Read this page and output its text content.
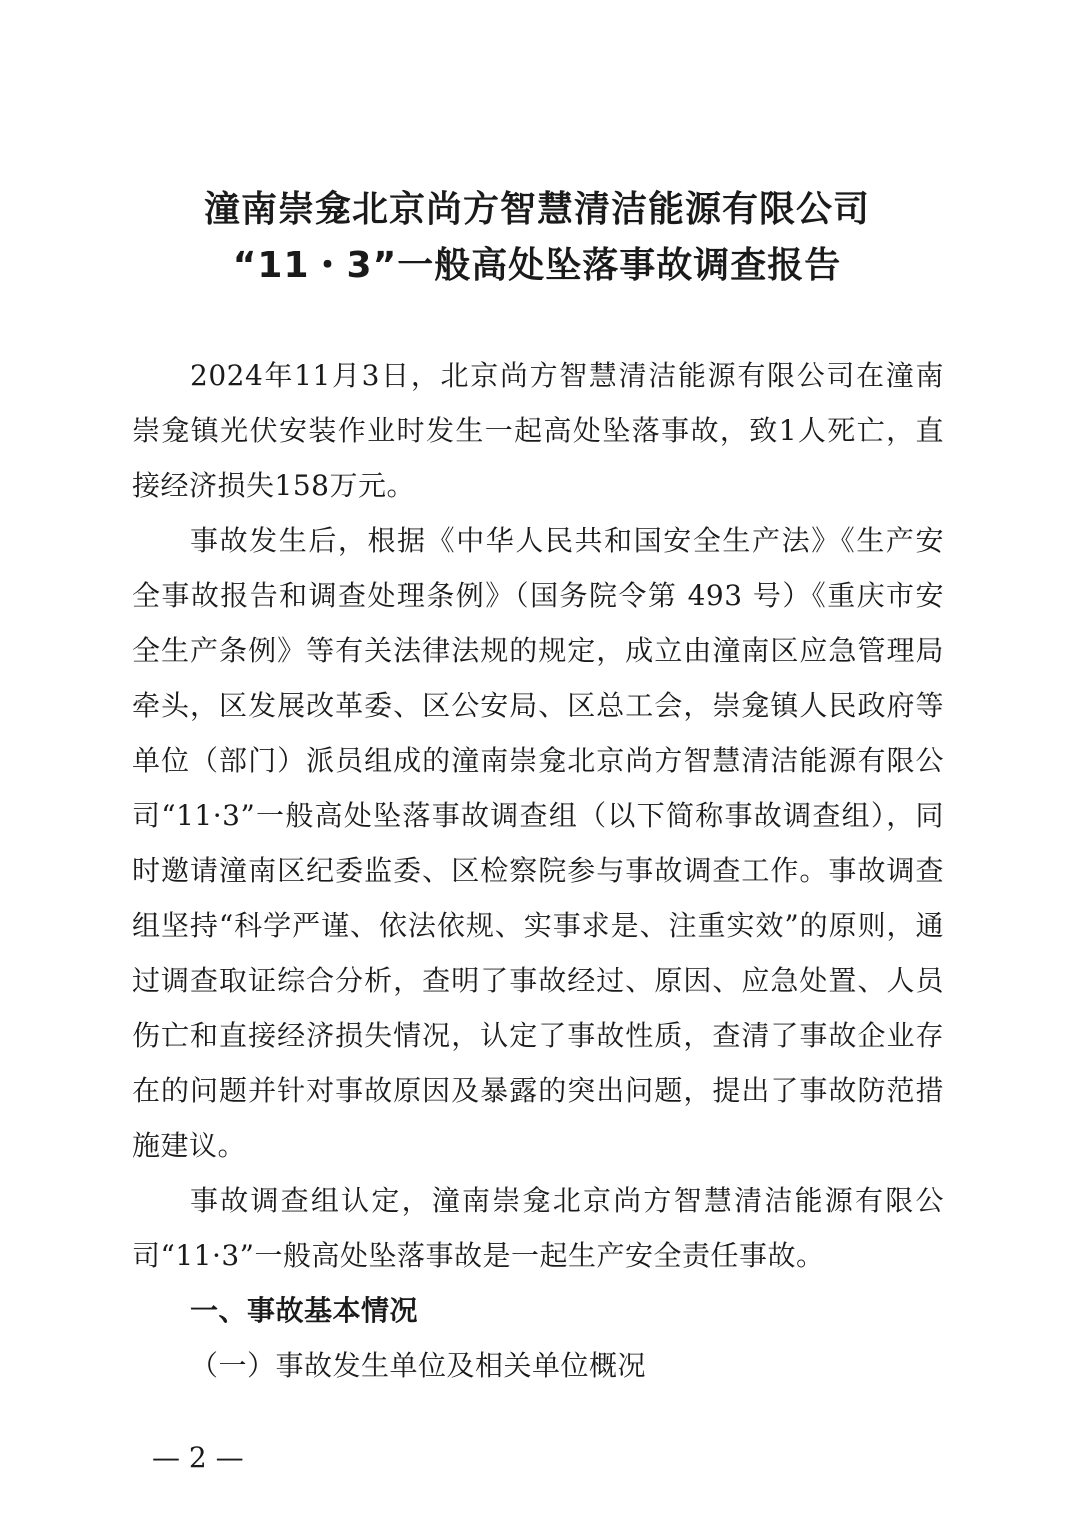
潼南崇龛北京尚方智慧清洁能源有限公司
“11・3”一般高处坠落事故调查报告

2024年11月3日，北京尚方智慧清洁能源有限公司在潼南崇龛镇光伏安装作业时发生一起高处坠落事故，致1人死亡，直接经济损失158万元。

事故发生后，根据《中华人民共和国安全生产法》《生产安全事故报告和调查处理条例》（国务院令第 493 号）《重庆市安全生产条例》等有关法律法规的规定，成立由潼南区应急管理局牵头，区发展改革委、区公安局、区总工会，崇龛镇人民政府等单位（部门）派员组成的潼南崇龛北京尚方智慧清洁能源有限公司“11·3”一般高处坠落事故调查组（以下简称事故调查组），同时邀请潼南区纪委监委、区检察院参与事故调查工作。事故调查组坚持“科学严谨、依法依规、实事求是、注重实效”的原则，通过调查取证综合分析，查明了事故经过、原因、应急处置、人员伤亡和直接经济损失情况，认定了事故性质，查清了事故企业存在的问题并针对事故原因及暴露的突出问题，提出了事故防范措施建议。

事故调查组认定，潼南崇龛北京尚方智慧清洁能源有限公司“11·3”一般高处坠落事故是一起生产安全责任事故。

一、事故基本情况

（一）事故发生单位及相关单位概况

— 2 —
